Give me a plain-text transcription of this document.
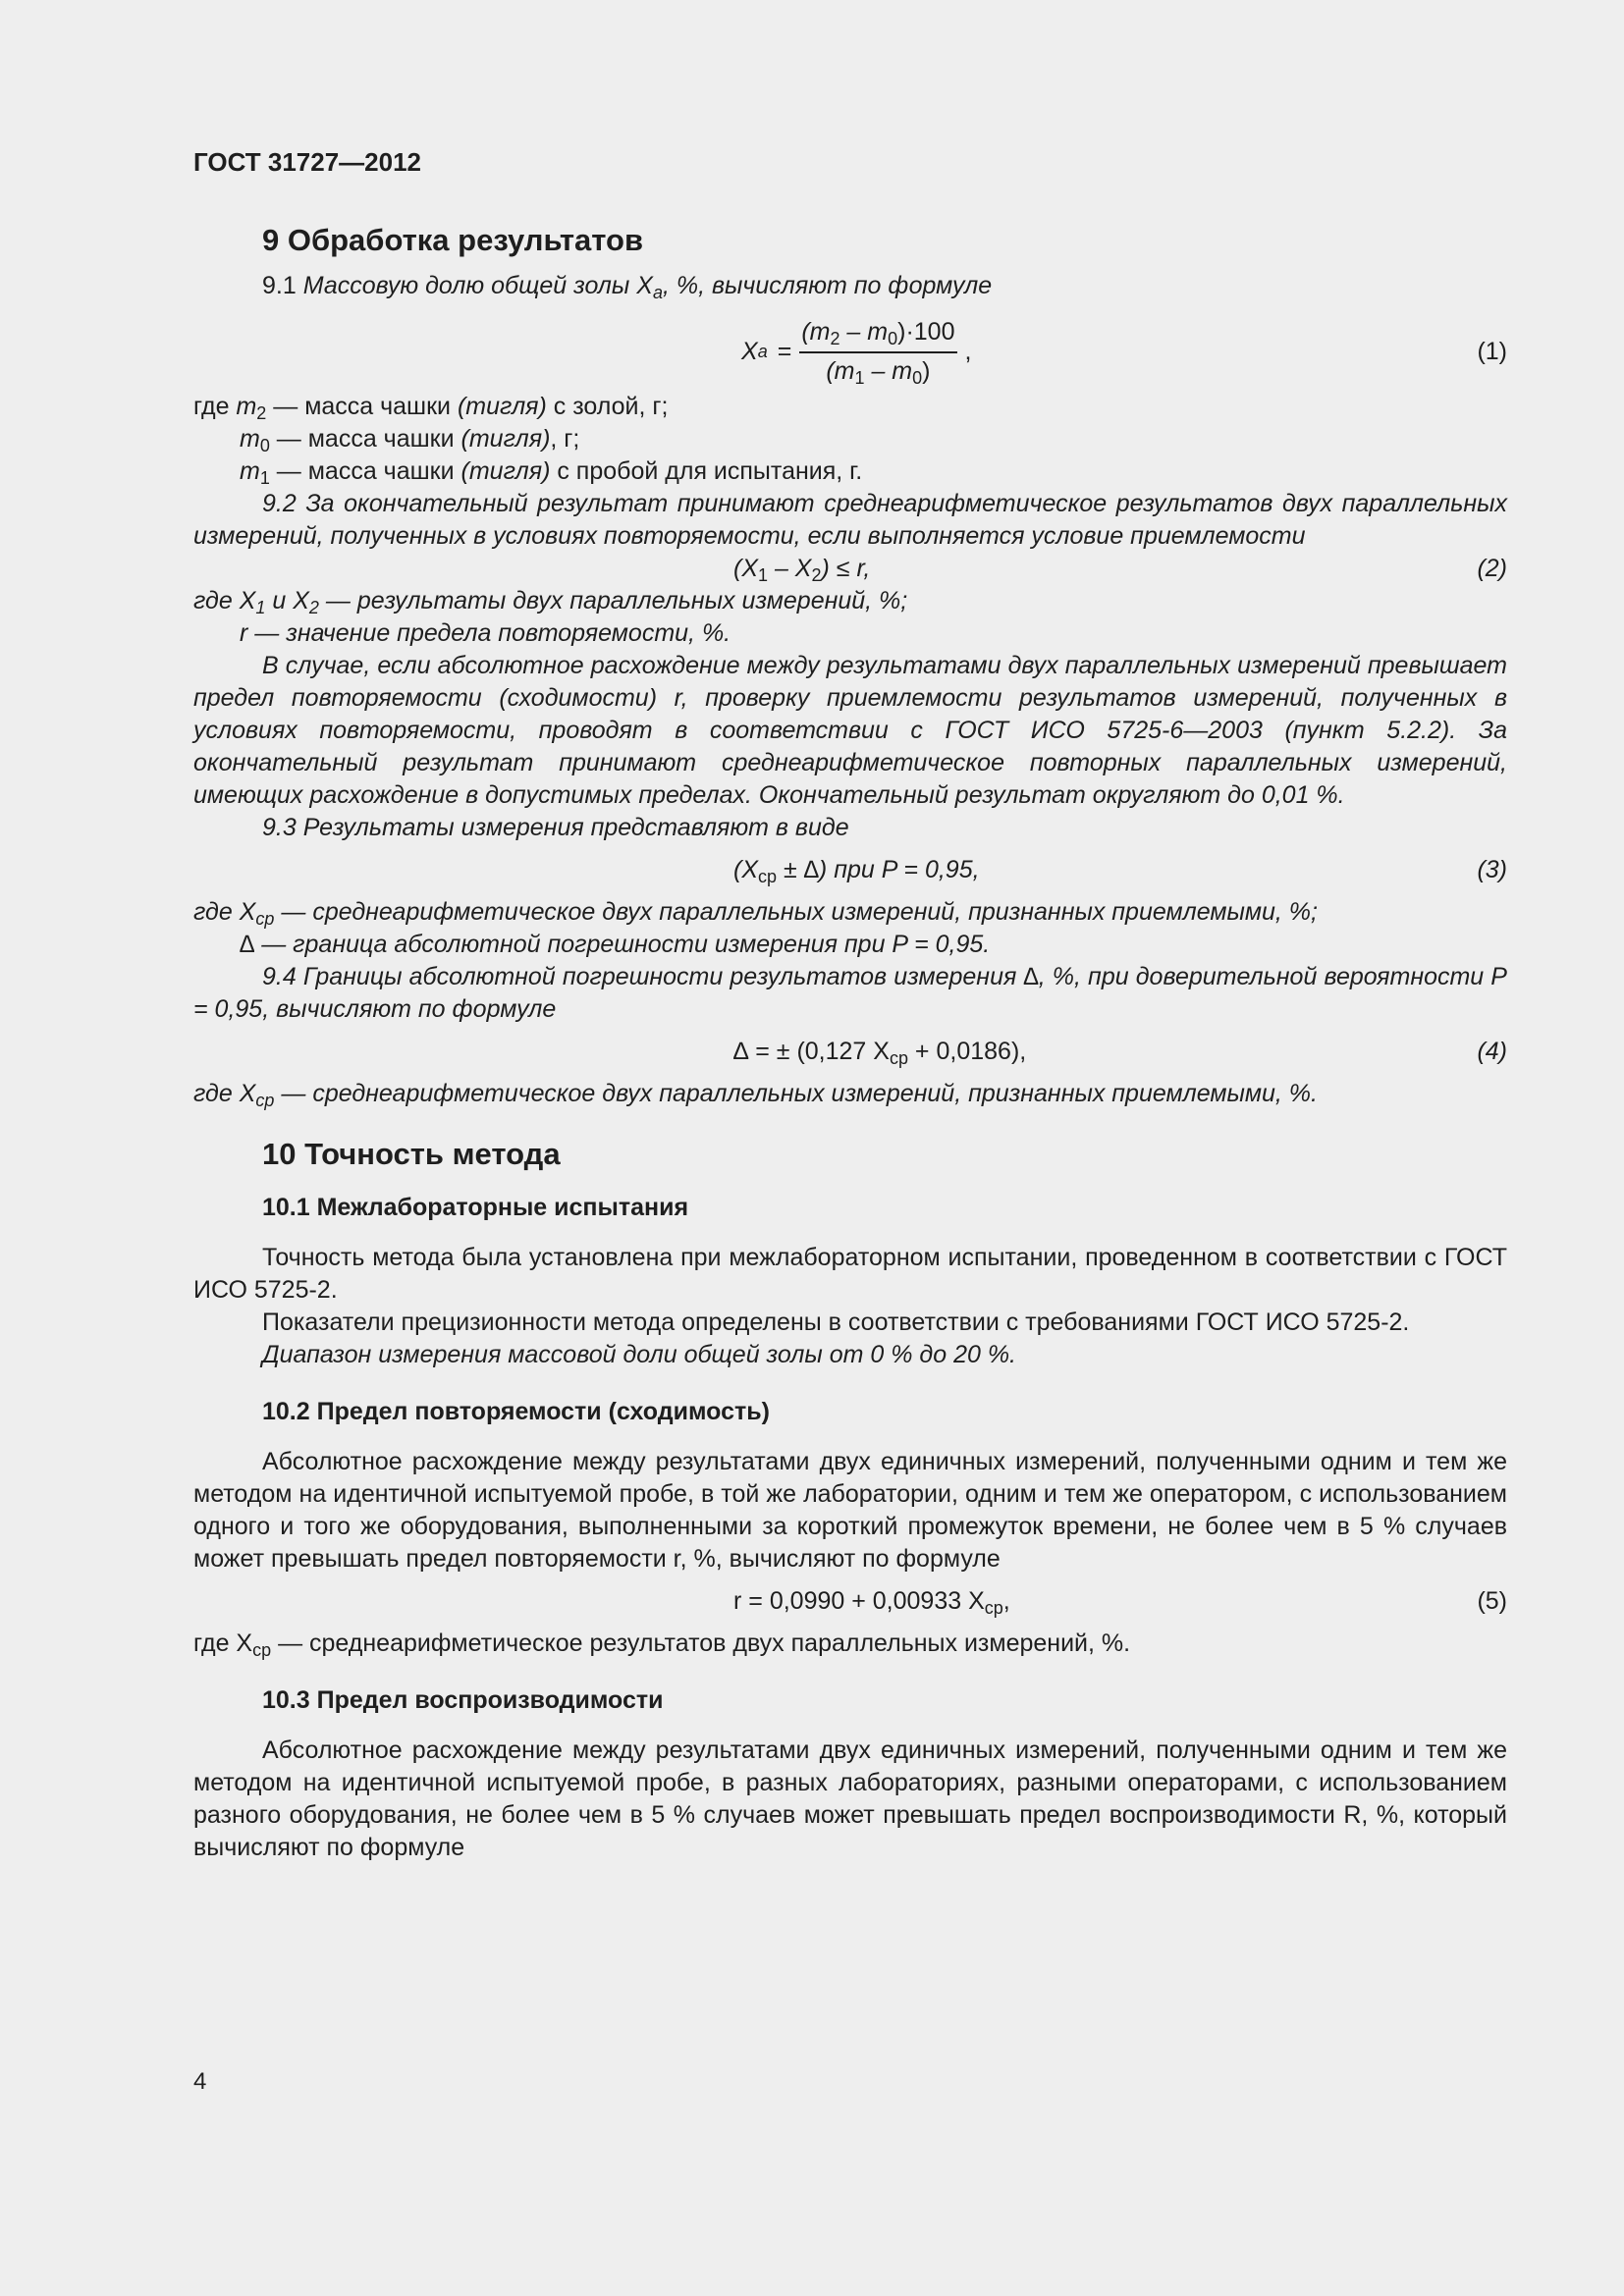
ГОСТ 31727—2012

9 Обработка результатов

9.1 Массовую долю общей золы $X_a$, %, вычисляют по формуле

X $a = \frac{(m_2 - m_0)\cdot 100}{(m_1 - m_0)}$ ,	(1)

где $m_2$ — масса чашки (тигля) с золой, г;

$m_0$ — масса чашки (тигля), г;

$m_1$ — масса чашки (тигля) с пробой для испытания, г.

9.2 За окончательный результат принимают среднеарифметическое результатов двух параллельных измерений, полученных в условиях повторяемости, если выполняется условие приемлемости

$(X_1 - X_2) \le r$,	(2)

где $X_1$ и $X_2$ — результаты двух параллельных измерений, %;

r — значение предела повторяемости, %.

В случае, если абсолютное расхождение между результатами двух параллельных измерений превышает предел повторяемости (сходимости) r, проверку приемлемости результатов измерений, полученных в условиях повторяемости, проводят в соответствии с ГОСТ ИСО 5725-6—2003 (пункт 5.2.2). За окончательный результат принимают среднеарифметическое повторных параллельных измерений, имеющих расхождение в допустимых пределах. Окончательный результат округляют до 0,01 %.

9.3 Результаты измерения представляют в виде

($X_{ср}$ ± ∆) при P = 0,95,	(3)

где $X_{ср}$ — среднеарифметическое двух параллельных измерений, признанных приемлемыми, %;

∆ — граница абсолютной погрешности измерения при P = 0,95.

9.4 Границы абсолютной погрешности результатов измерения ∆, %, при доверительной вероятности P = 0,95, вычисляют по формуле

∆ = ± (0,127 $X_{ср} + 0,0186$),	(4)

где $X_{ср}$ — среднеарифметическое двух параллельных измерений, признанных приемлемыми, %.

10 Точность метода

10.1 Межлабораторные испытания

Точность метода была установлена при межлабораторном испытании, проведенном в соответствии с ГОСТ ИСО 5725-2.

Показатели прецизионности метода определены в соответствии с требованиями ГОСТ ИСО 5725-2.

Диапазон измерения массовой доли общей золы от 0 % до 20 %.

10.2 Предел повторяемости (сходимость)

Абсолютное расхождение между результатами двух единичных измерений, полученными одним и тем же методом на идентичной испытуемой пробе, в той же лаборатории, одним и тем же оператором, с использованием одного и того же оборудования, выполненными за короткий промежуток времени, не более чем в 5 % случаев может превышать предел повторяемости r, %, вычисляют по формуле

r = 0,0990 + 0,00933 $X_{ср}$,	(5)

где $X_{ср}$ — среднеарифметическое результатов двух параллельных измерений, %.

10.3 Предел воспроизводимости

Абсолютное расхождение между результатами двух единичных измерений, полученными одним и тем же методом на идентичной испытуемой пробе, в разных лабораториях, разными операторами, с использованием разного оборудования, не более чем в 5 % случаев может превышать предел воспроизводимости R, %, который вычисляют по формуле

4
